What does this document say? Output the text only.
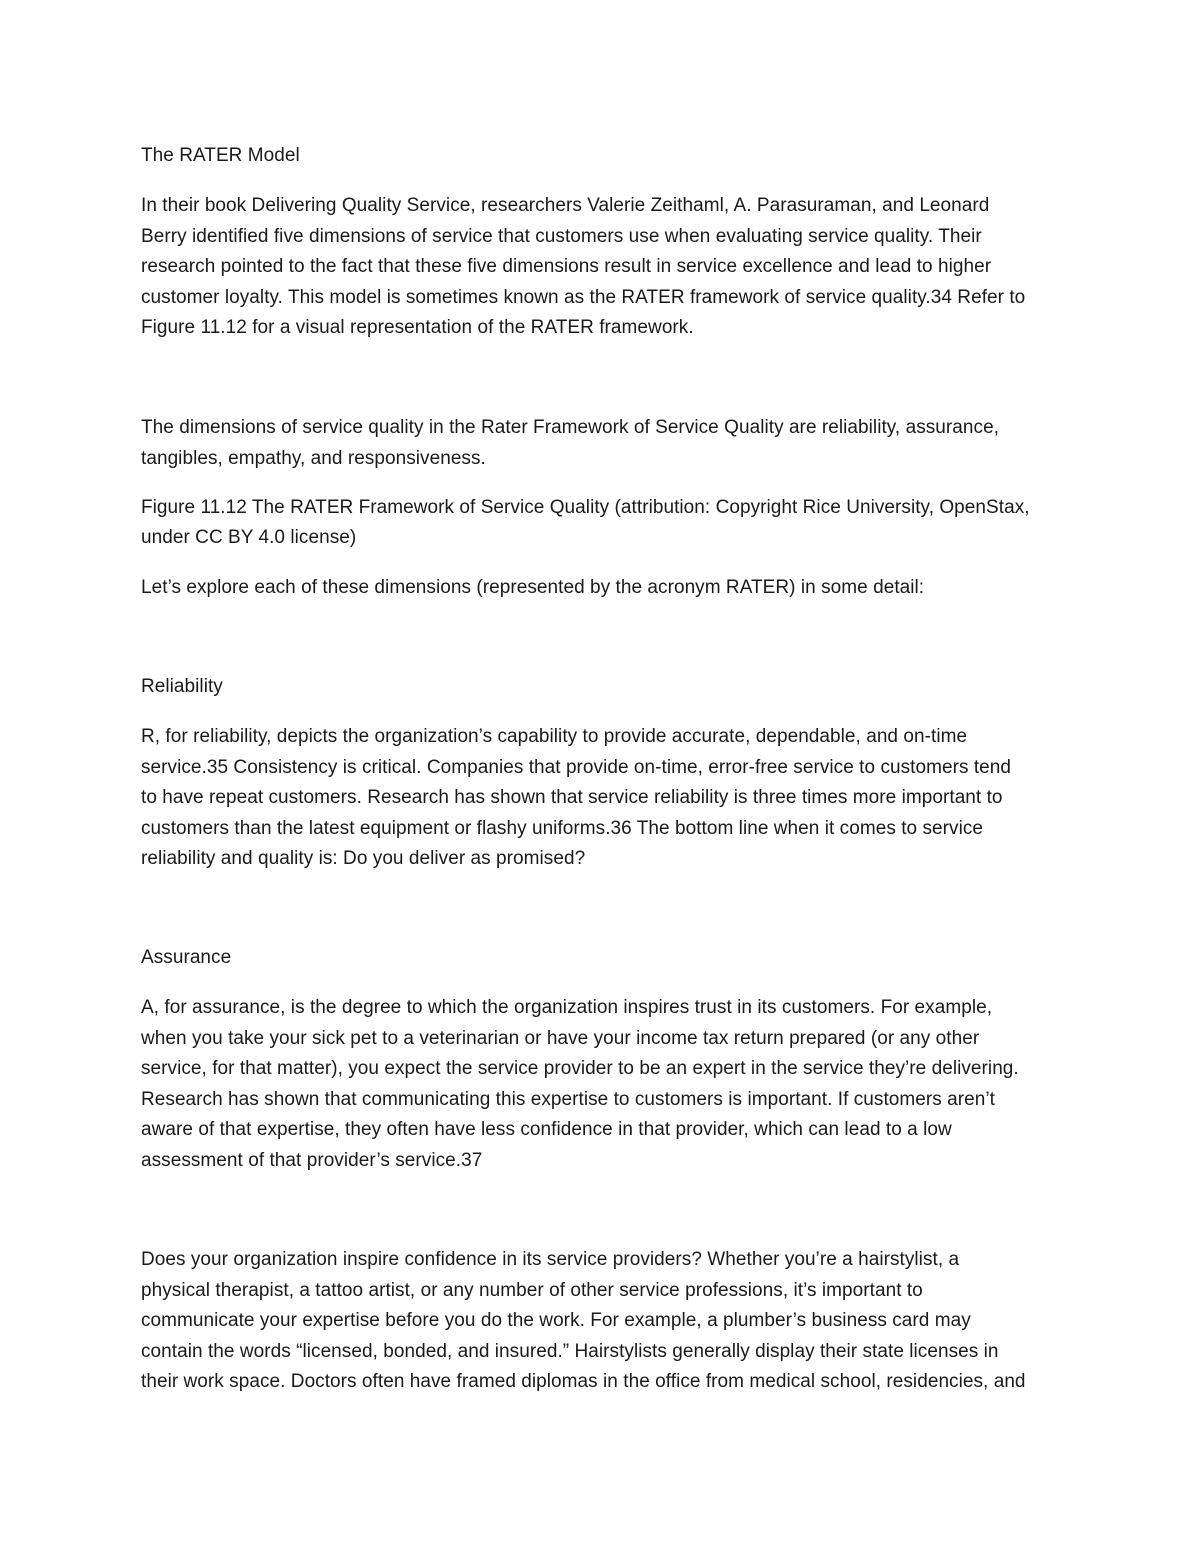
The RATER Model
In their book Delivering Quality Service, researchers Valerie Zeithaml, A. Parasuraman, and Leonard
Berry identified five dimensions of service that customers use when evaluating service quality. Their
research pointed to the fact that these five dimensions result in service excellence and lead to higher
customer loyalty. This model is sometimes known as the RATER framework of service quality.34 Refer to
Figure 11.12 for a visual representation of the RATER framework.
The dimensions of service quality in the Rater Framework of Service Quality are reliability, assurance,
tangibles, empathy, and responsiveness.
Figure 11.12 The RATER Framework of Service Quality (attribution: Copyright Rice University, OpenStax,
under CC BY 4.0 license)
Let’s explore each of these dimensions (represented by the acronym RATER) in some detail:
Reliability
R, for reliability, depicts the organization’s capability to provide accurate, dependable, and on-time
service.35 Consistency is critical. Companies that provide on-time, error-free service to customers tend
to have repeat customers. Research has shown that service reliability is three times more important to
customers than the latest equipment or flashy uniforms.36 The bottom line when it comes to service
reliability and quality is: Do you deliver as promised?
Assurance
A, for assurance, is the degree to which the organization inspires trust in its customers. For example,
when you take your sick pet to a veterinarian or have your income tax return prepared (or any other
service, for that matter), you expect the service provider to be an expert in the service they’re delivering.
Research has shown that communicating this expertise to customers is important. If customers aren’t
aware of that expertise, they often have less confidence in that provider, which can lead to a low
assessment of that provider’s service.37
Does your organization inspire confidence in its service providers? Whether you’re a hairstylist, a
physical therapist, a tattoo artist, or any number of other service professions, it’s important to
communicate your expertise before you do the work. For example, a plumber’s business card may
contain the words “licensed, bonded, and insured.” Hairstylists generally display their state licenses in
their work space. Doctors often have framed diplomas in the office from medical school, residencies, and
